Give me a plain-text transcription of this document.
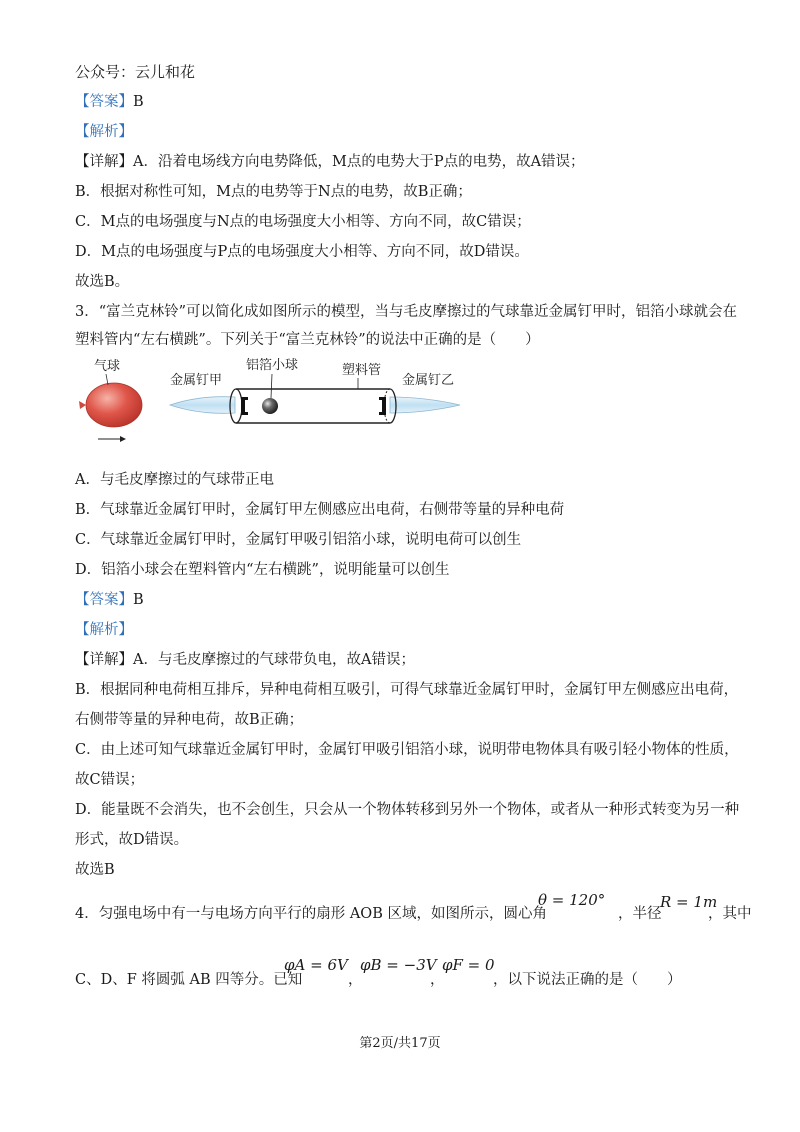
公众号：云儿和花
【答案】B
【解析】
【详解】A．沿着电场线方向电势降低，M点的电势大于P点的电势，故A错误；
B．根据对称性可知，M点的电势等于N点的电势，故B正确；
C．M点的电场强度与N点的电场强度大小相等、方向不同，故C错误；
D．M点的电场强度与P点的电场强度大小相等、方向不同，故D错误。
故选B。
3．“富兰克林铃”可以简化成如图所示的模型，当与毛皮摩擦过的气球靠近金属钉甲时，铝箔小球就会在
塑料管内“左右横跳”。下列关于“富兰克林铃”的说法中正确的是（　　）
气球
金属钉甲	金属钉乙
塑料管
铝箔小球
A．与毛皮摩擦过的气球带正电
B．气球靠近金属钉甲时，金属钉甲左侧感应出电荷，右侧带等量的异种电荷
C．气球靠近金属钉甲时，金属钉甲吸引铝箔小球，说明电荷可以创生
D．铝箔小球会在塑料管内“左右横跳”，说明能量可以创生
【答案】B
【解析】
【详解】A．与毛皮摩擦过的气球带负电，故A错误；
B．根据同种电荷相互排斥，异种电荷相互吸引，可得气球靠近金属钉甲时，金属钉甲左侧感应出电荷，
右侧带等量的异种电荷，故B正确；
C．由上述可知气球靠近金属钉甲时，金属钉甲吸引铝箔小球，说明带电物体具有吸引轻小物体的性质，
故C错误；
D．能量既不会消失，也不会创生，只会从一个物体转移到另外一个物体，或者从一种形式转变为另一种
形式，故D错误。
故选B
4．匀强电场中有一与电场方向平行的扇形 AOB 区域，如图所示，圆心角
θ = 120°
，半径
R = 1m
，其中
C、D、F 将圆弧 AB 四等分。已知
φA = 6V
，
φB = −3V
，
φF = 0
，以下说法正确的是（　　）
第2页/共17页
